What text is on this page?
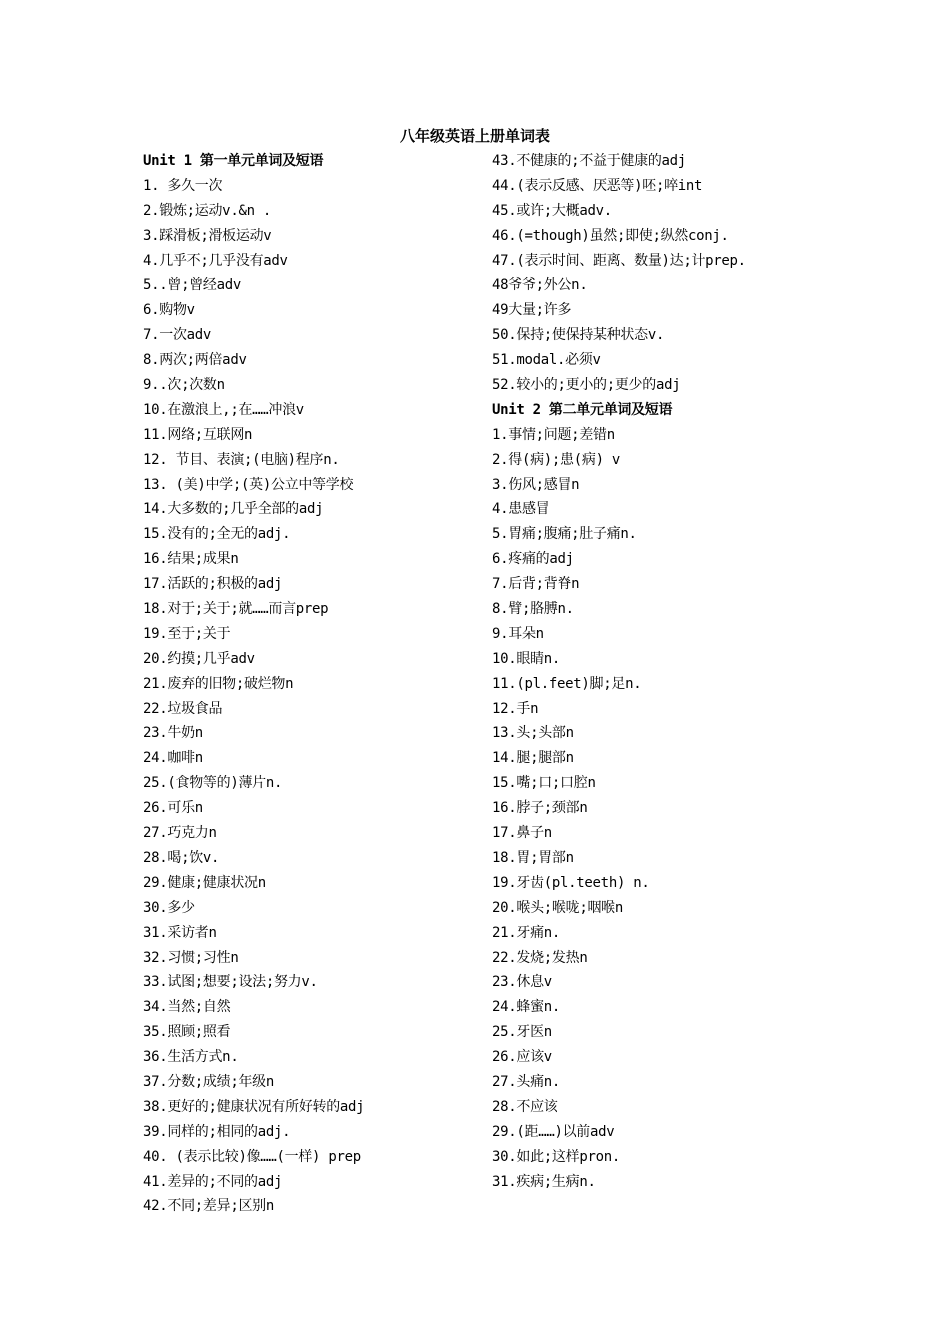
八年级英语上册单词表
Unit 1 第一单元单词及短语
1. 多久一次
2.锻炼;运动v.&n .
3.踩滑板;滑板运动v
4.几乎不;几乎没有adv
5..曾;曾经adv
6.购物v
7.一次adv
8.两次;两倍adv
9..次;次数n
10.在激浪上,;在……冲浪v
11.网络;互联网n
12. 节目、表演;(电脑)程序n.
13. (美)中学;(英)公立中等学校
14.大多数的;几乎全部的adj
15.没有的;全无的adj.
16.结果;成果n
17.活跃的;积极的adj
18.对于;关于;就……而言prep
19.至于;关于
20.约摸;几乎adv
21.废弃的旧物;破烂物n
22.垃圾食品
23.牛奶n
24.咖啡n
25.(食物等的)薄片n.
26.可乐n
27.巧克力n
28.喝;饮v.
29.健康;健康状况n
30.多少
31.采访者n
32.习惯;习性n
33.试图;想要;设法;努力v.
34.当然;自然
35.照顾;照看
36.生活方式n.
37.分数;成绩;年级n
38.更好的;健康状况有所好转的adj
39.同样的;相同的adj.
40. (表示比较)像……(一样) prep
41.差异的;不同的adj
42.不同;差异;区别n
43.不健康的;不益于健康的adj
44.(表示反感、厌恶等)呸;啐int
45.或许;大概adv.
46.(=though)虽然;即使;纵然conj.
47.(表示时间、距离、数量)达;计prep.
48爷爷;外公n.
49大量;许多
50.保持;使保持某种状态v.
51.modal.必须v
52.较小的;更小的;更少的adj
Unit 2 第二单元单词及短语
1.事情;问题;差错n
2.得(病);患(病) v
3.伤风;感冒n
4.患感冒
5.胃痛;腹痛;肚子痛n.
6.疼痛的adj
7.后背;背脊n
8.臂;胳膊n.
9.耳朵n
10.眼睛n.
11.(pl.feet)脚;足n.
12.手n
13.头;头部n
14.腿;腿部n
15.嘴;口;口腔n
16.脖子;颈部n
17.鼻子n
18.胃;胃部n
19.牙齿(pl.teeth) n.
20.喉头;喉咙;咽喉n
21.牙痛n.
22.发烧;发热n
23.休息v
24.蜂蜜n.
25.牙医n
26.应该v
27.头痛n.
28.不应该
29.(距……)以前adv
30.如此;这样pron.
31.疾病;生病n.
